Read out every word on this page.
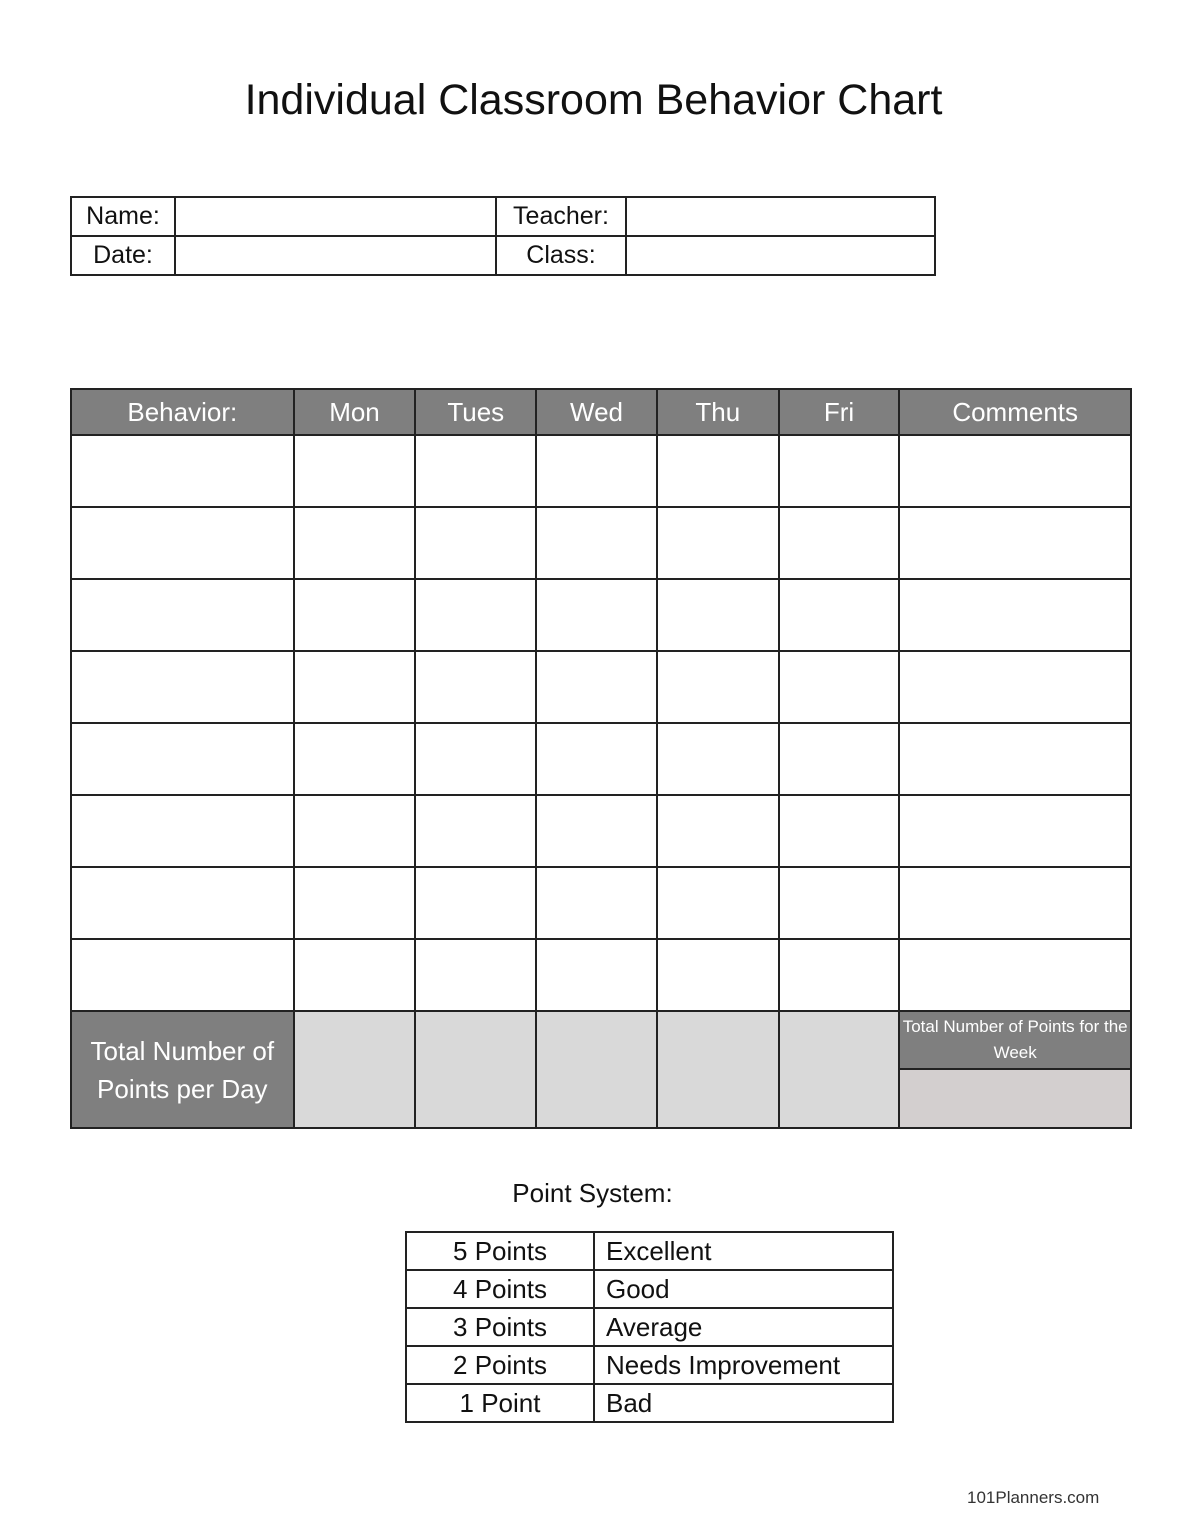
Individual Classroom Behavior Chart
Name:		Teacher:	
Date:		Class:	
Behavior:	Mon	Tues	Wed	Thu	Fri	Comments

Total Number of Points per Day						Total Number of Points for the Week
Point System:
5 Points	Excellent
4 Points	Good
3 Points	Average
2 Points	Needs Improvement
1 Point	Bad
101Planners.com
